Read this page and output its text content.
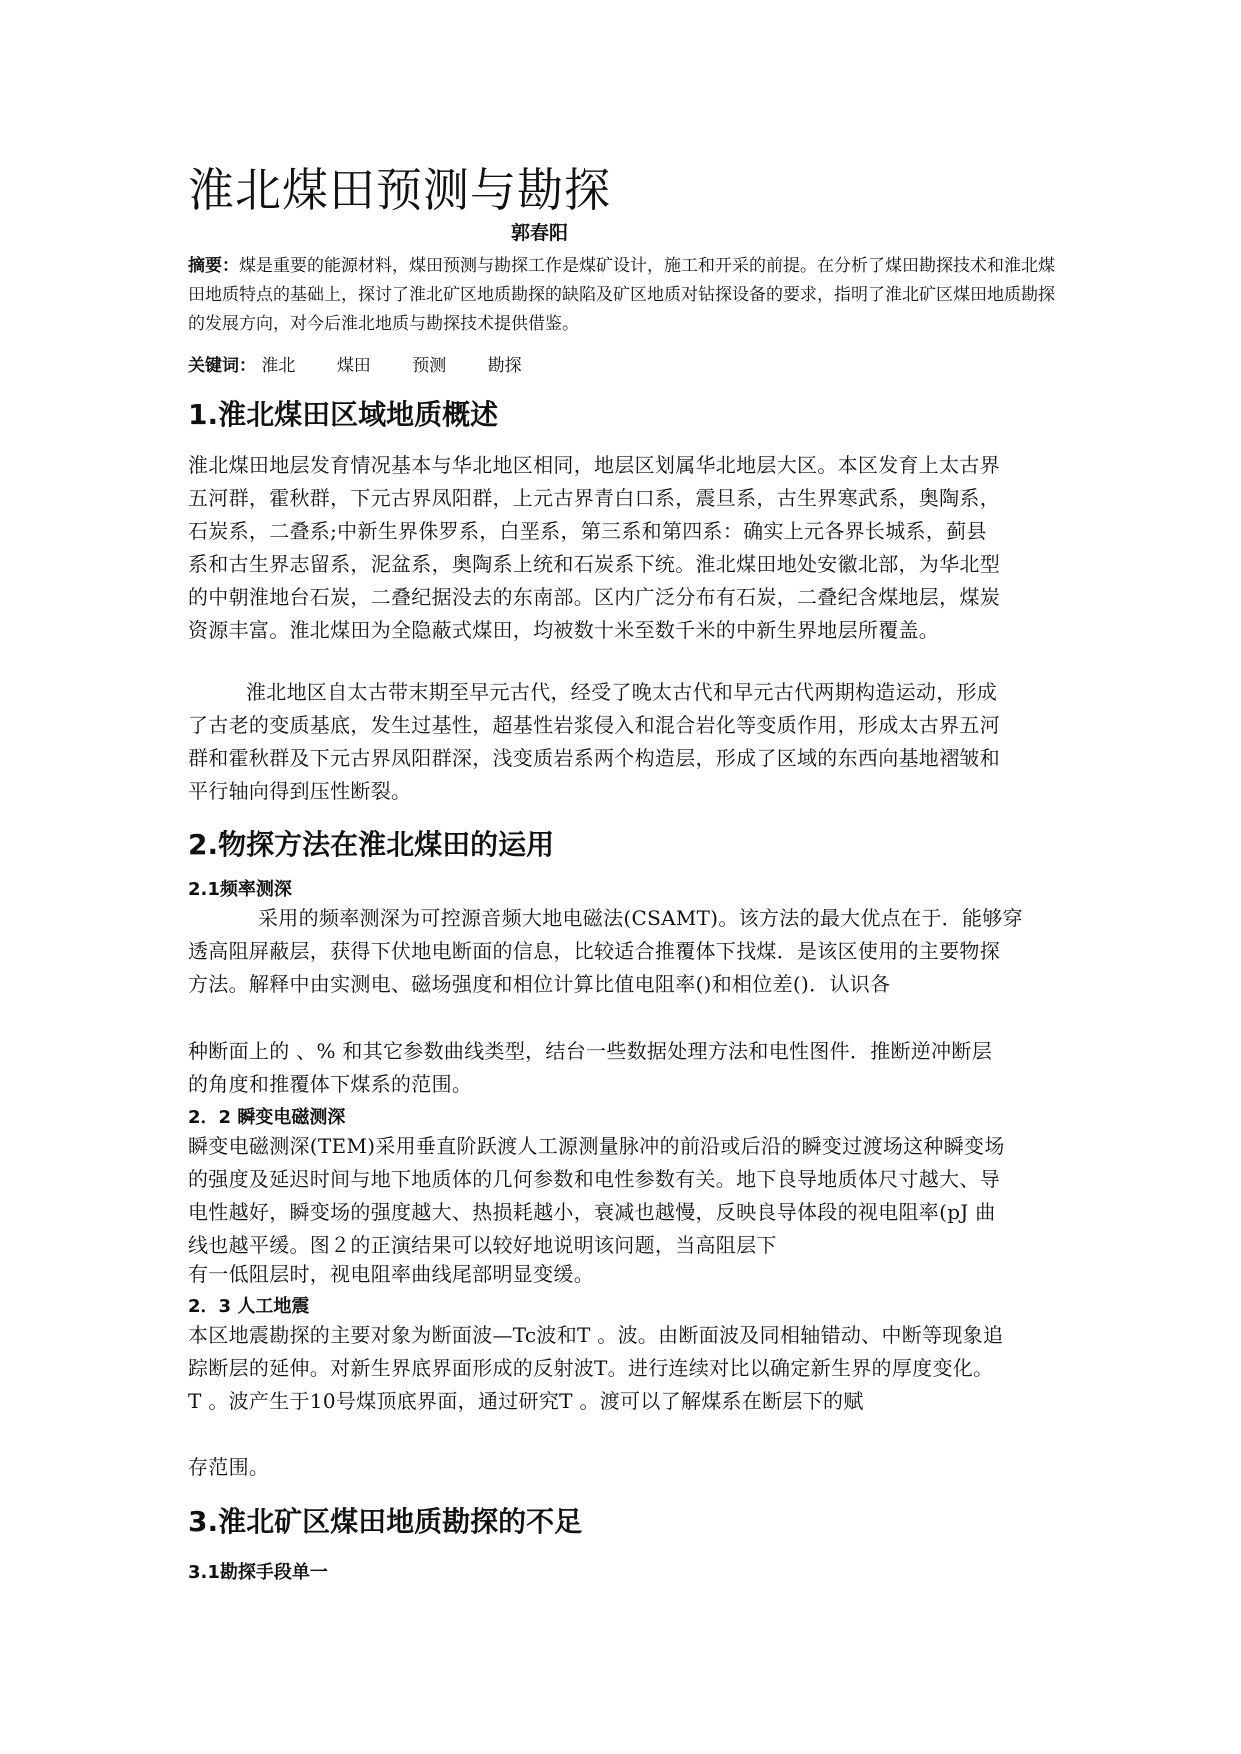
淮北煤田预测与勘探
郭春阳
摘要：煤是重要的能源材料，煤田预测与勘探工作是煤矿设计，施工和开采的前提。在分析了煤田勘探技术和淮北煤田地质特点的基础上，探讨了淮北矿区地质勘探的缺陷及矿区地质对钻探设备的要求，指明了淮北矿区煤田地质勘探的发展方向，对今后淮北地质与勘探技术提供借鉴。
关键词： 淮北 煤田 预测 勘探
1.淮北煤田区域地质概述
淮北煤田地层发育情况基本与华北地区相同，地层区划属华北地层大区。本区发育上太古界
五河群，霍秋群，下元古界凤阳群，上元古界青白口系，震旦系，古生界寒武系，奥陶系，
石炭系，二叠系;中新生界侏罗系，白垩系，第三系和第四系：确实上元各界长城系，蓟县
系和古生界志留系，泥盆系，奥陶系上统和石炭系下统。淮北煤田地处安徽北部，为华北型
的中朝淮地台石炭，二叠纪据没去的东南部。区内广泛分布有石炭，二叠纪含煤地层，煤炭
资源丰富。淮北煤田为全隐蔽式煤田，均被数十米至数千米的中新生界地层所覆盖。
淮北地区自太古带末期至早元古代，经受了晚太古代和早元古代两期构造运动，形成
了古老的变质基底，发生过基性，超基性岩浆侵入和混合岩化等变质作用，形成太古界五河
群和霍秋群及下元古界凤阳群深，浅变质岩系两个构造层，形成了区域的东西向基地褶皱和
平行轴向得到压性断裂。
2.物探方法在淮北煤田的运用
2.1频率测深
采用的频率测深为可控源音频大地电磁法(CSAMT)。该方法的最大优点在于．能够穿
透高阻屏蔽层，获得下伏地电断面的信息，比较适合推覆体下找煤．是该区使用的主要物探
方法。解释中由实测电、磁场强度和相位计算比值电阻率()和相位差()．认识各
种断面上的 、% 和其它参数曲线类型，结台一些数据处理方法和电性图件．推断逆冲断层
的角度和推覆体下煤系的范围。
2．2 瞬变电磁测深
瞬变电磁测深(TEM)采用垂直阶跃渡人工源测量脉冲的前沿或后沿的瞬变过渡场这种瞬变场
的强度及延迟时间与地下地质体的几何参数和电性参数有关。地下良导地质体尺寸越大、导
电性越好，瞬变场的强度越大、热损耗越小，衰减也越慢，反映良导体段的视电阻率(pJ 曲
线也越平缓。图２的正演结果可以较好地说明该问题，当高阻层下
有一低阻层时，视电阻率曲线尾部明显变缓。
2．3 人工地震
本区地震勘探的主要对象为断面波—Tc波和T 。波。由断面波及同相轴错动、中断等现象追
踪断层的延伸。对新生界底界面形成的反射波T。进行连续对比以确定新生界的厚度变化。
T 。波产生于10号煤顶底界面，通过研究T 。渡可以了解煤系在断层下的赋
存范围。
3.淮北矿区煤田地质勘探的不足
3.1勘探手段单一
